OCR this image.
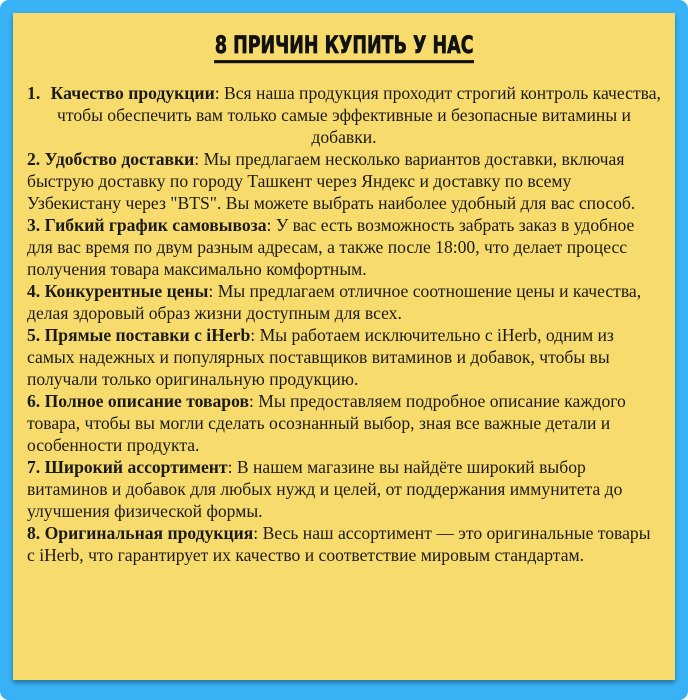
8 ПРИЧИН КУПИТЬ У НАС

1. Качество продукции: Вся наша продукция проходит строгий контроль качества, чтобы обеспечить вам только самые эффективные и безопасные витамины и добавки.

2. Удобство доставки: Мы предлагаем несколько вариантов доставки, включая быструю доставку по городу Ташкент через Яндекс и доставку по всему Узбекистану через "BTS". Вы можете выбрать наиболее удобный для вас способ.

3. Гибкий график самовывоза: У вас есть возможность забрать заказ в удобное для вас время по двум разным адресам, а также после 18:00, что делает процесс получения товара максимально комфортным.

4. Конкурентные цены: Мы предлагаем отличное соотношение цены и качества, делая здоровый образ жизни доступным для всех.

5. Прямые поставки с iHerb: Мы работаем исключительно с iHerb, одним из самых надежных и популярных поставщиков витаминов и добавок, чтобы вы получали только оригинальную продукцию.

6. Полное описание товаров: Мы предоставляем подробное описание каждого товара, чтобы вы могли сделать осознанный выбор, зная все важные детали и особенности продукта.

7. Широкий ассортимент: В нашем магазине вы найдёте широкий выбор витаминов и добавок для любых нужд и целей, от поддержания иммунитета до улучшения физической формы.

8. Оригинальная продукция: Весь наш ассортимент — это оригинальные товары с iHerb, что гарантирует их качество и соответствие мировым стандартам.
